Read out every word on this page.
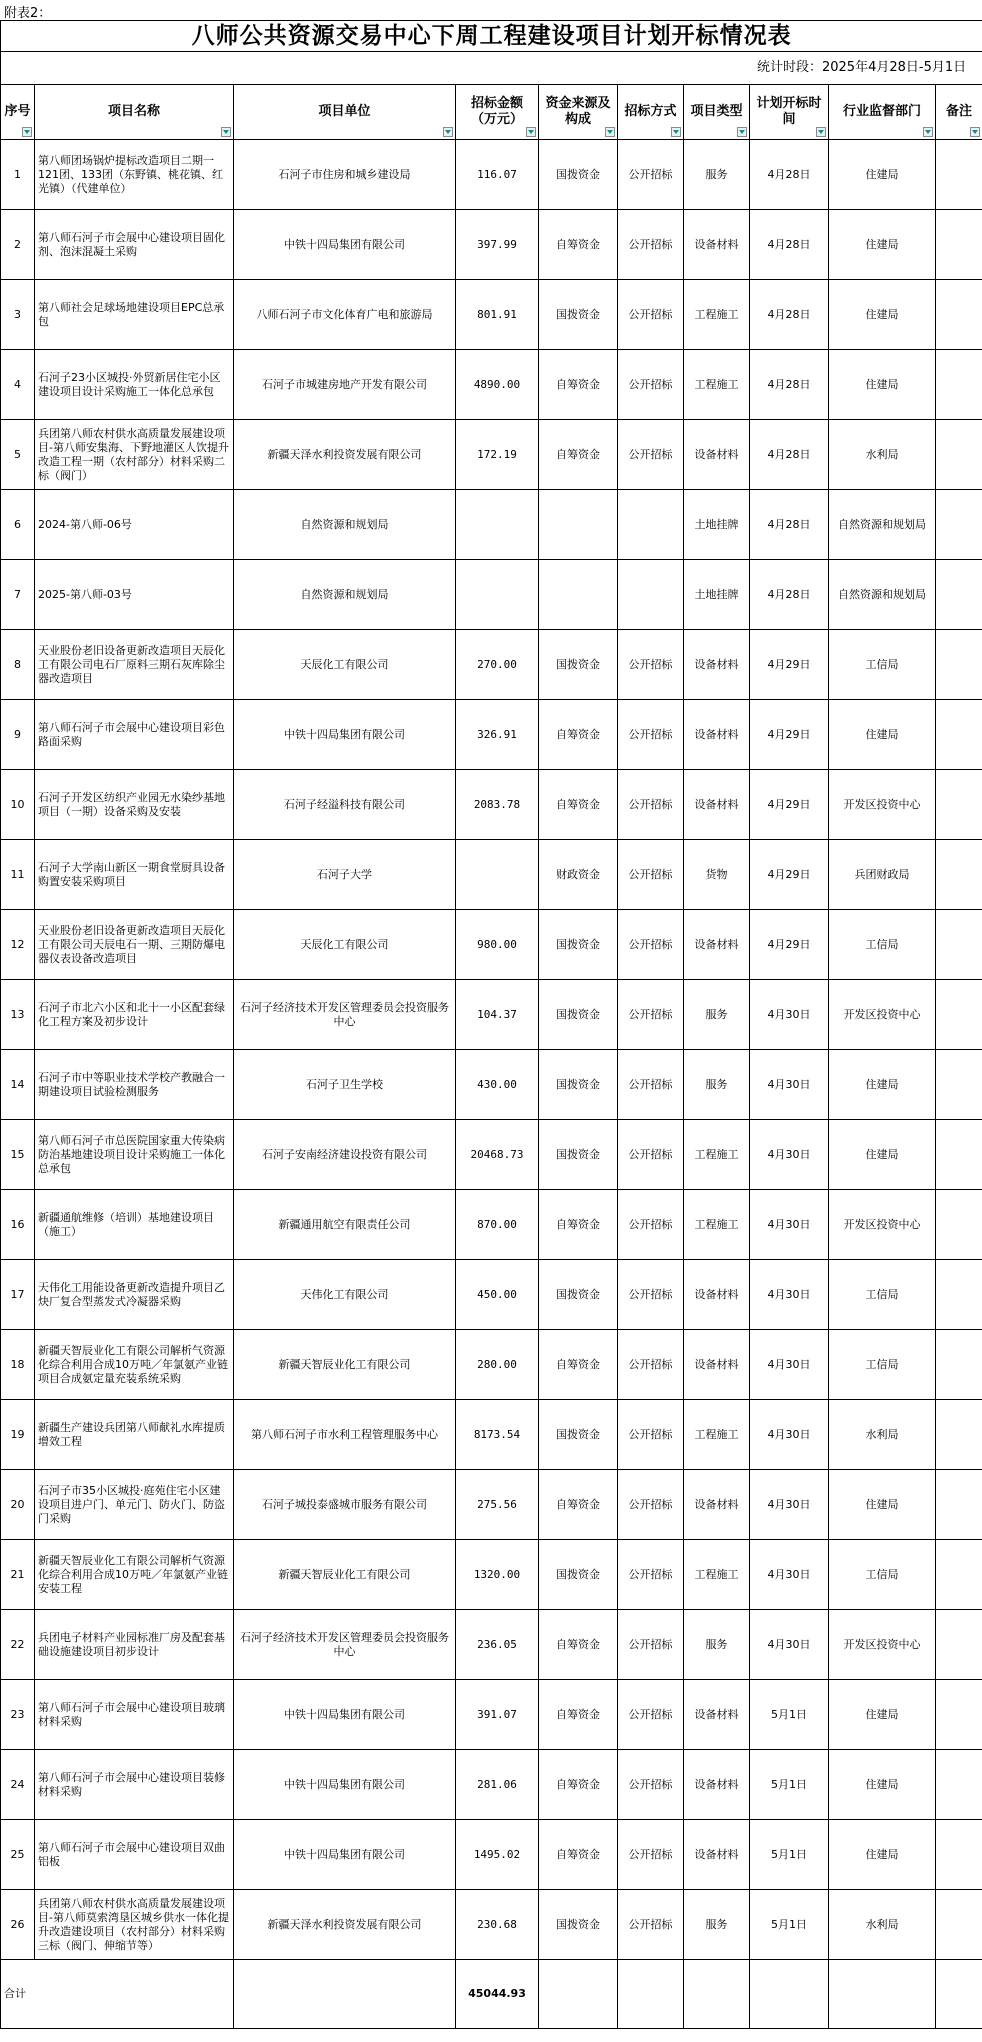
附表2：
八师公共资源交易中心下周工程建设项目计划开标情况表									
统计时段：2025年4月28日-5月1日									
序号	项目名称	项目单位	招标金额（万元）	资金来源及构成	招标方式	项目类型	计划开标时间	行业监督部门	备注

1	第八师团场锅炉提标改造项目二期一121团、133团（东野镇、桃花镇、红光镇）（代建单位）	石河子市住房和城乡建设局	116.07	国拨资金	公开招标	服务	4月28日	住建局	
2	第八师石河子市会展中心建设项目固化剂、泡沫混凝土采购	中铁十四局集团有限公司	397.99	自筹资金	公开招标	设备材料	4月28日	住建局	
3	第八师社会足球场地建设项目EPC总承包	八师石河子市文化体育广电和旅游局	801.91	国拨资金	公开招标	工程施工	4月28日	住建局	
4	石河子23小区城投·外贸新居住宅小区建设项目设计采购施工一体化总承包	石河子市城建房地产开发有限公司	4890.00	自筹资金	公开招标	工程施工	4月28日	住建局	
5	兵团第八师农村供水高质量发展建设项目-第八师安集海、下野地灌区人饮提升改造工程一期（农村部分）材料采购二标（阀门）	新疆天泽水利投资发展有限公司	172.19	自筹资金	公开招标	设备材料	4月28日	水利局	
6	2024-第八师-06号	自然资源和规划局				土地挂牌	4月28日	自然资源和规划局	
7	2025-第八师-03号	自然资源和规划局				土地挂牌	4月28日	自然资源和规划局	
8	天业股份老旧设备更新改造项目天辰化工有限公司电石厂原料三期石灰库除尘器改造项目	天辰化工有限公司	270.00	国拨资金	公开招标	设备材料	4月29日	工信局	
9	第八师石河子市会展中心建设项目彩色路面采购	中铁十四局集团有限公司	326.91	自筹资金	公开招标	设备材料	4月29日	住建局	
10	石河子开发区纺织产业园无水染纱基地项目（一期）设备采购及安装	石河子经溢科技有限公司	2083.78	自筹资金	公开招标	设备材料	4月29日	开发区投资中心	
11	石河子大学南山新区一期食堂厨具设备购置安装采购项目	石河子大学		财政资金	公开招标	货物	4月29日	兵团财政局	
12	天业股份老旧设备更新改造项目天辰化工有限公司天辰电石一期、三期防爆电器仪表设备改造项目	天辰化工有限公司	980.00	国拨资金	公开招标	设备材料	4月29日	工信局	
13	石河子市北六小区和北十一小区配套绿化工程方案及初步设计	石河子经济技术开发区管理委员会投资服务中心	104.37	国拨资金	公开招标	服务	4月30日	开发区投资中心	
14	石河子市中等职业技术学校产教融合一期建设项目试验检测服务	石河子卫生学校	430.00	国拨资金	公开招标	服务	4月30日	住建局	
15	第八师石河子市总医院国家重大传染病防治基地建设项目设计采购施工一体化总承包	石河子安南经济建设投资有限公司	20468.73	国拨资金	公开招标	工程施工	4月30日	住建局	
16	新疆通航维修（培训）基地建设项目（施工）	新疆通用航空有限责任公司	870.00	自筹资金	公开招标	工程施工	4月30日	开发区投资中心	
17	天伟化工用能设备更新改造提升项目乙炔厂复合型蒸发式冷凝器采购	天伟化工有限公司	450.00	国拨资金	公开招标	设备材料	4月30日	工信局	
18	新疆天智辰业化工有限公司解析气资源化综合利用合成10万吨／年氯氨产业链项目合成氨定量充装系统采购	新疆天智辰业化工有限公司	280.00	自筹资金	公开招标	设备材料	4月30日	工信局	
19	新疆生产建设兵团第八师献礼水库提质增效工程	第八师石河子市水利工程管理服务中心	8173.54	国拨资金	公开招标	工程施工	4月30日	水利局	
20	石河子市35小区城投·庭苑住宅小区建设项目进户门、单元门、防火门、防盗门采购	石河子城投泰盛城市服务有限公司	275.56	自筹资金	公开招标	设备材料	4月30日	住建局	
21	新疆天智辰业化工有限公司解析气资源化综合利用合成10万吨／年氯氨产业链安装工程	新疆天智辰业化工有限公司	1320.00	国拨资金	公开招标	工程施工	4月30日	工信局	
22	兵团电子材料产业园标准厂房及配套基础设施建设项目初步设计	石河子经济技术开发区管理委员会投资服务中心	236.05	自筹资金	公开招标	服务	4月30日	开发区投资中心	
23	第八师石河子市会展中心建设项目玻璃材料采购	中铁十四局集团有限公司	391.07	自筹资金	公开招标	设备材料	5月1日	住建局	
24	第八师石河子市会展中心建设项目装修材料采购	中铁十四局集团有限公司	281.06	自筹资金	公开招标	设备材料	5月1日	住建局	
25	第八师石河子市会展中心建设项目双曲铝板	中铁十四局集团有限公司	1495.02	自筹资金	公开招标	设备材料	5月1日	住建局	
26	兵团第八师农村供水高质量发展建设项目-第八师莫索湾垦区城乡供水一体化提升改造建设项目（农村部分）材料采购三标（阀门、伸缩节等）	新疆天泽水利投资发展有限公司	230.68	国拨资金	公开招标	服务	5月1日	水利局	
合计			45044.93						
